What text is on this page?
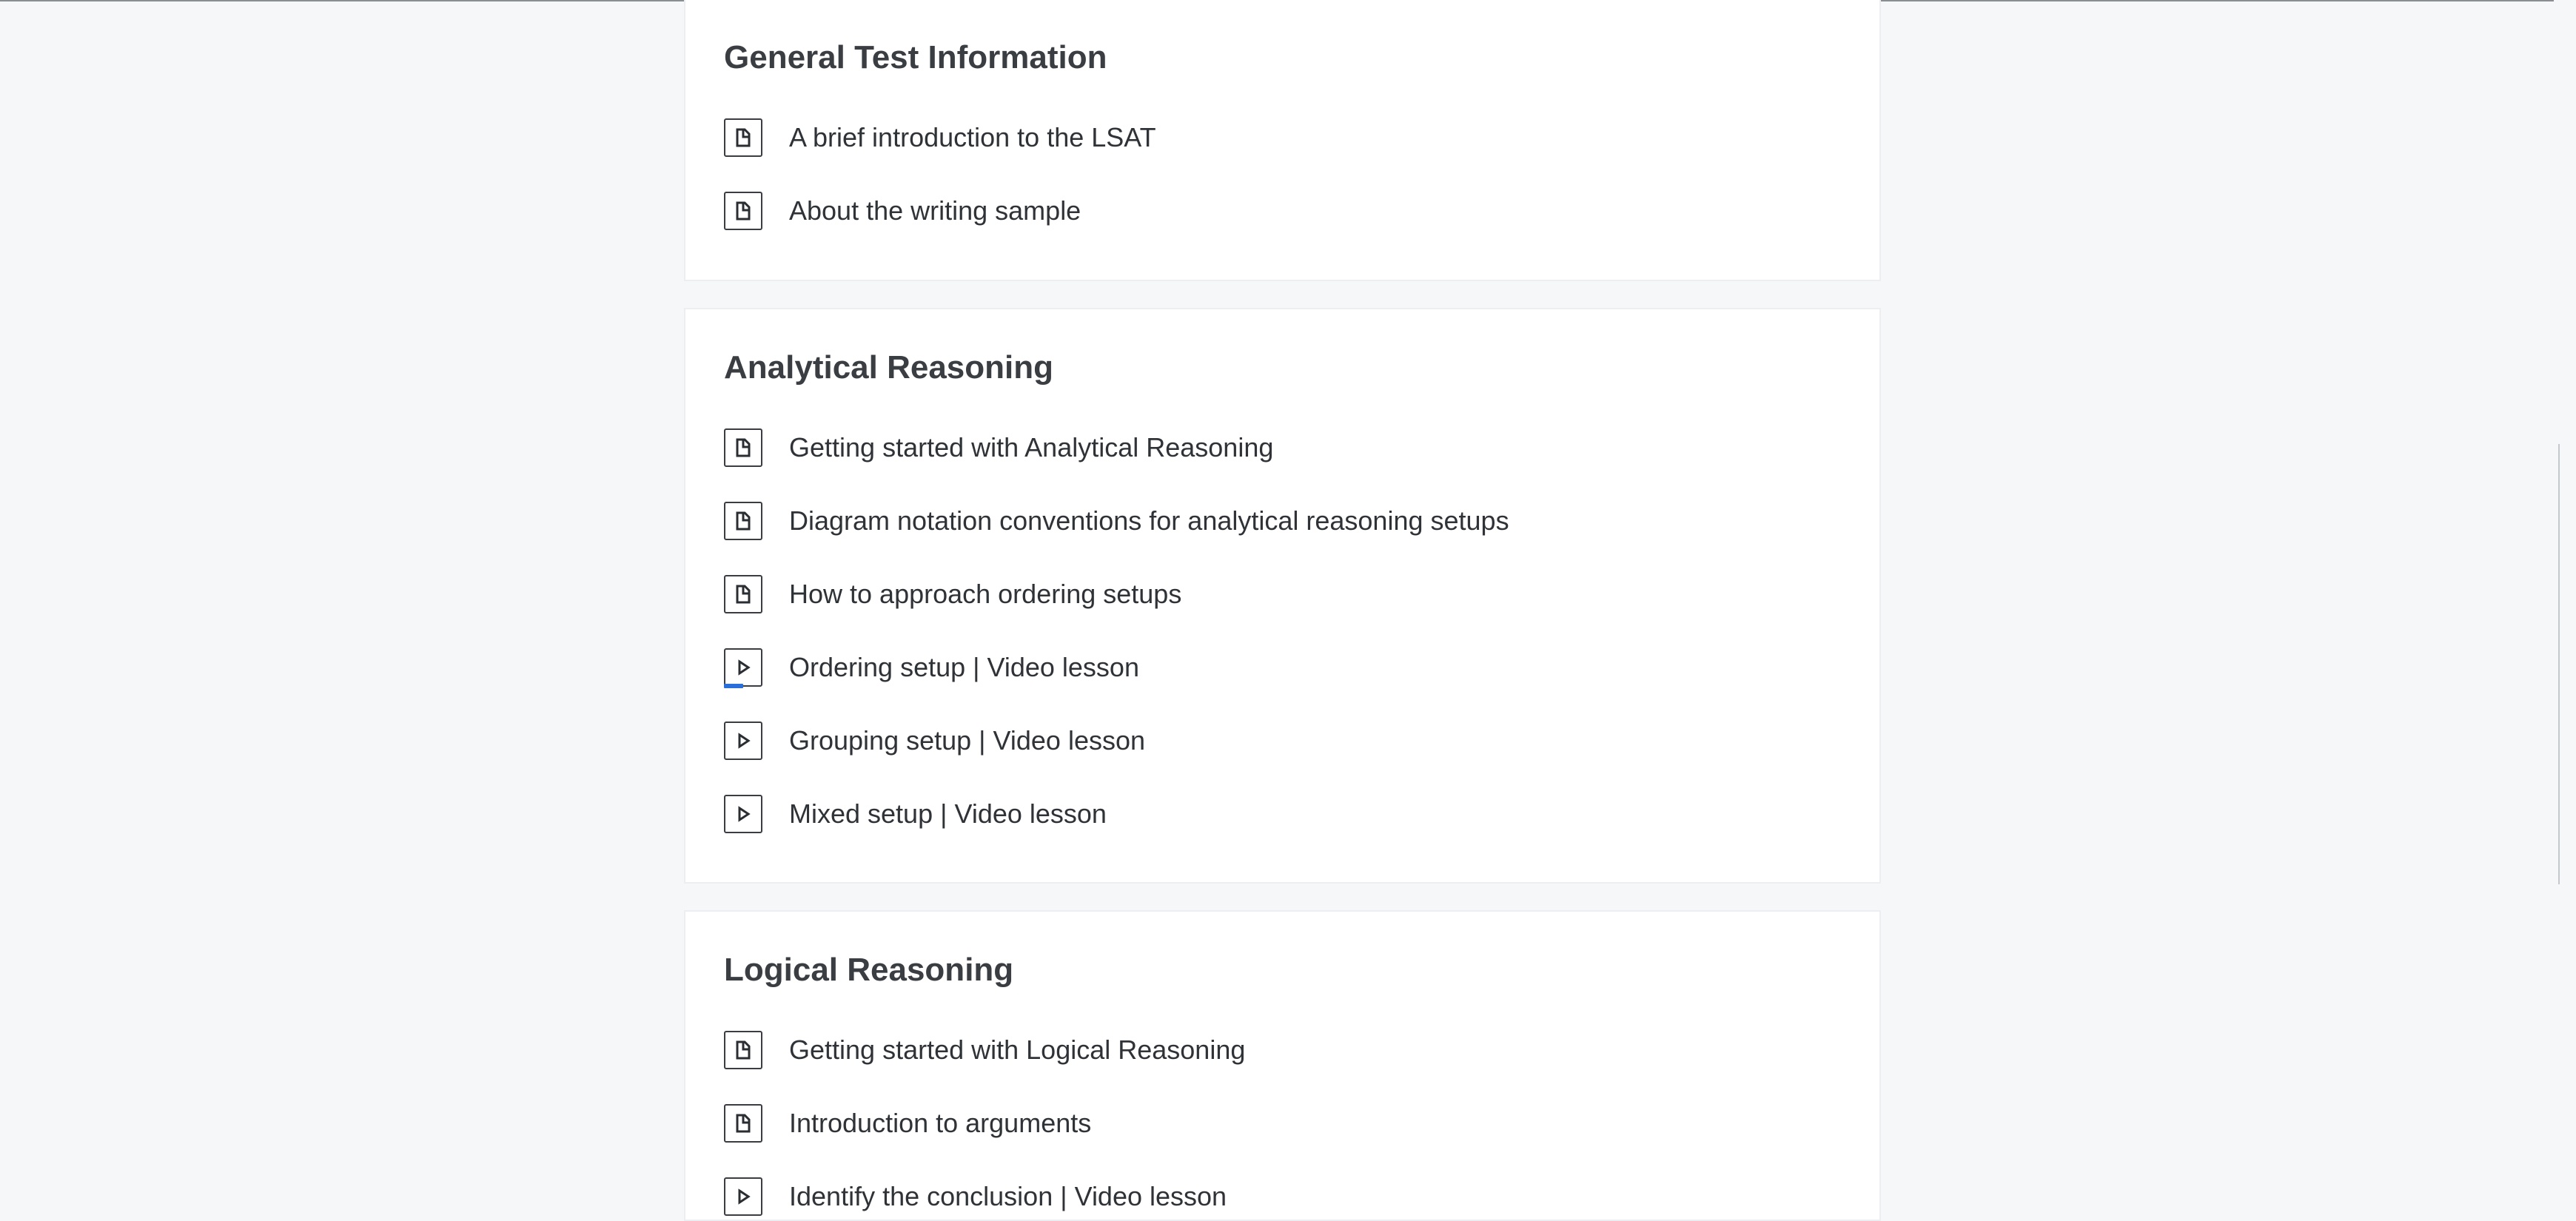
General Test Information
A brief introduction to the LSAT
About the writing sample
Analytical Reasoning
Getting started with Analytical Reasoning
Diagram notation conventions for analytical reasoning setups
How to approach ordering setups
Ordering setup | Video lesson
Grouping setup | Video lesson
Mixed setup | Video lesson
Logical Reasoning
Getting started with Logical Reasoning
Introduction to arguments
Identify the conclusion | Video lesson
